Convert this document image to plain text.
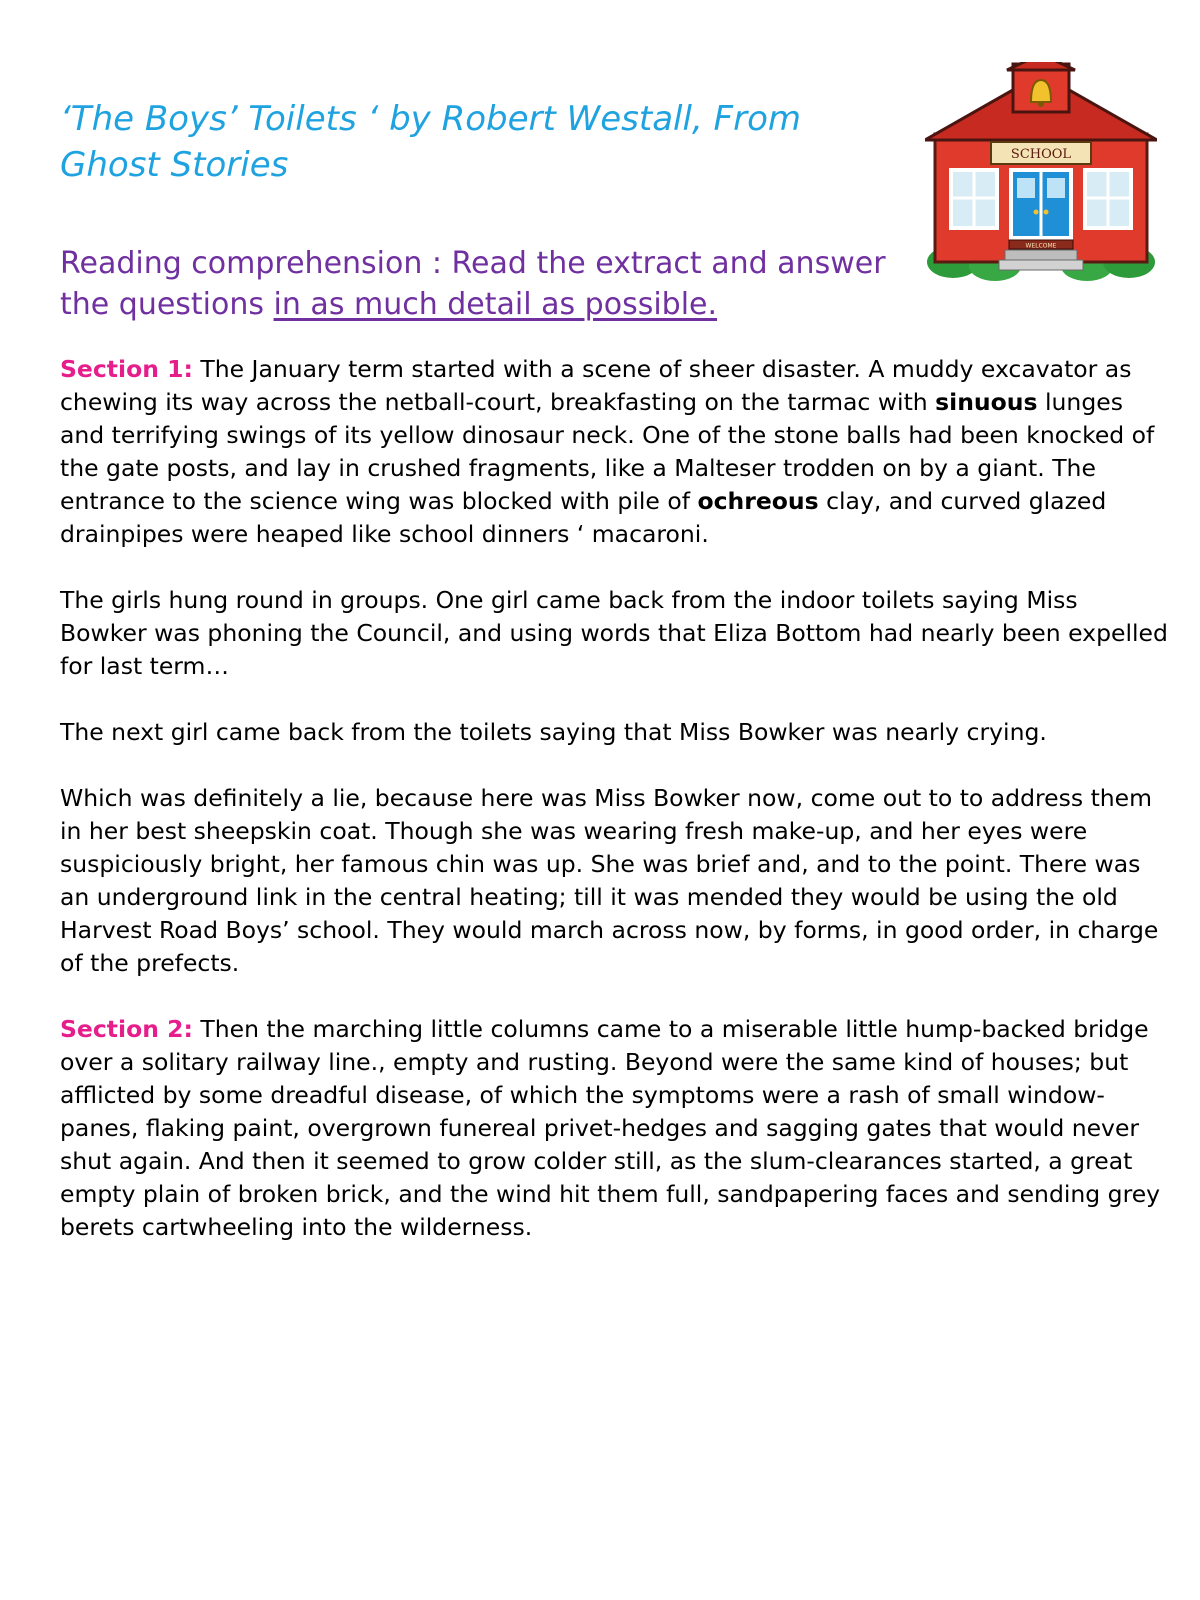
‘The Boys’ Toilets ‘ by Robert Westall, From Ghost Stories

Reading comprehension : Read the extract and answer the questions in as much detail as possible.

SCHOOL
WELCOME

Section 1: The January term started with a scene of sheer disaster. A muddy excavator as chewing its way across the netball-court, breakfasting on the tarmac with sinuous lunges and terrifying swings of its yellow dinosaur neck. One of the stone balls had been knocked of the gate posts, and lay in crushed fragments, like a Malteser trodden on by a giant. The entrance to the science wing was blocked with pile of ochreous clay, and curved glazed drainpipes were heaped like school dinners ‘ macaroni.

The girls hung round in groups. One girl came back from the indoor toilets saying Miss Bowker was phoning the Council, and using words that Eliza Bottom had nearly been expelled for last term…

The next girl came back from the toilets saying that Miss Bowker was nearly crying.

Which was definitely a lie, because here was Miss Bowker now, come out to to address them in her best sheepskin coat. Though she was wearing fresh make-up, and her eyes were suspiciously bright, her famous chin was up. She was brief and, and to the point. There was an underground link in the central heating; till it was mended they would be using the old Harvest Road Boys’ school. They would march across now, by forms, in good order, in charge of the prefects.

Section 2: Then the marching little columns came to a miserable little hump-backed bridge over a solitary railway line., empty and rusting. Beyond were the same kind of houses; but afflicted by some dreadful disease, of which the symptoms were a rash of small window-panes, flaking paint, overgrown funereal privet-hedges and sagging gates that would never shut again. And then it seemed to grow colder still, as the slum-clearances started, a great empty plain of broken brick, and the wind hit them full, sandpapering faces and sending grey berets cartwheeling into the wilderness.
